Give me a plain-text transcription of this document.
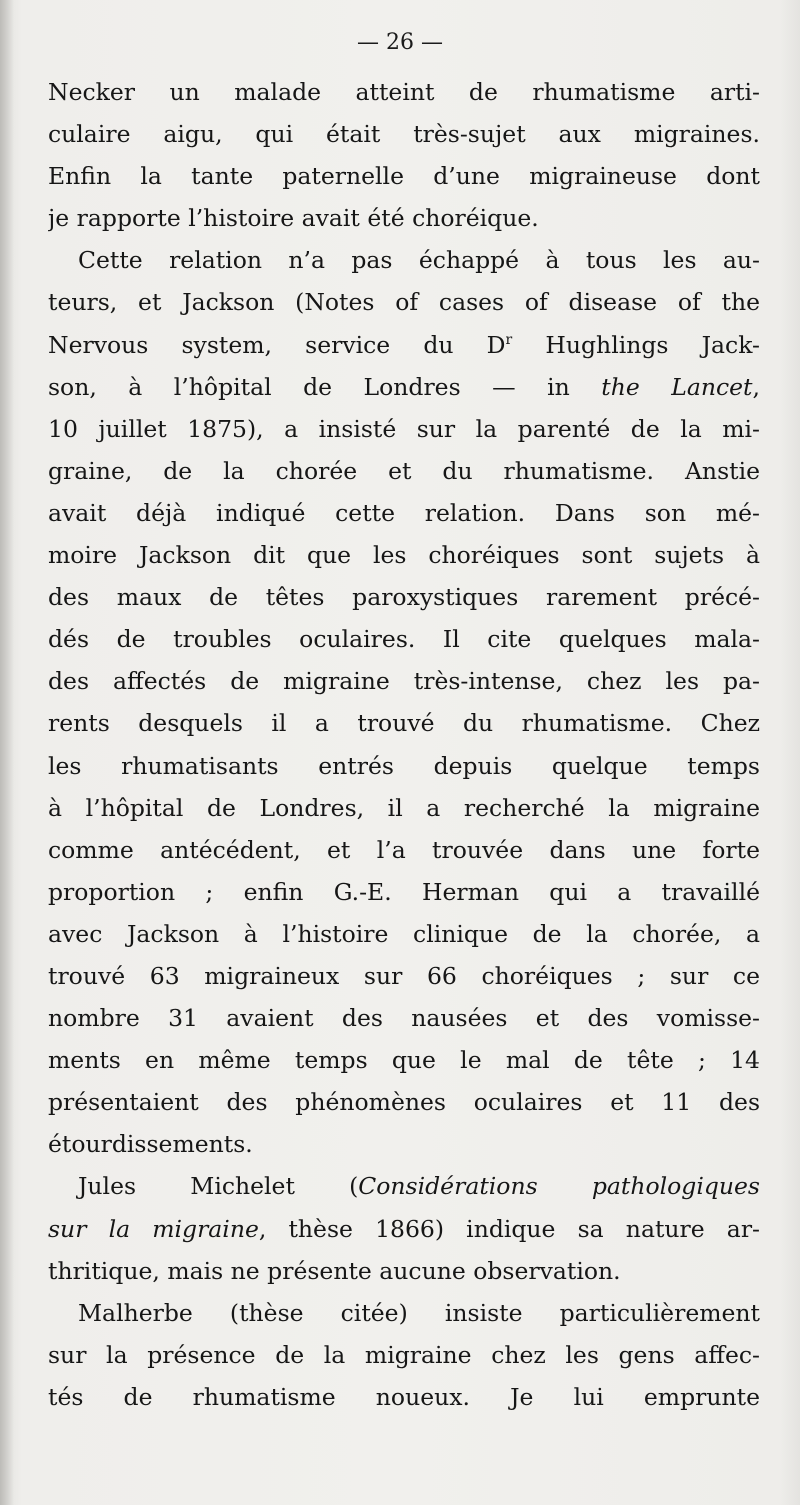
— 26 —
Necker un malade atteint de rhumatisme arti-
culaire aigu, qui était très-sujet aux migraines.
Enfin la tante paternelle d’une migraineuse dont
je rapporte l’histoire avait été choréique.
Cette relation n’a pas échappé à tous les au-
teurs, et Jackson (Notes of cases of disease of the
Nervous system, service du $D^r$ Hughlings Jack-
son, à l’hôpital de Londres — in the Lancet,
10 juillet 1875), a insisté sur la parenté de la mi-
graine, de la chorée et du rhumatisme. Anstie
avait déjà indiqué cette relation. Dans son mé-
moire Jackson dit que les choréiques sont sujets à
des maux de têtes paroxystiques rarement précé-
dés de troubles oculaires. Il cite quelques mala-
des affectés de migraine très-intense, chez les pa-
rents desquels il a trouvé du rhumatisme. Chez
les rhumatisants entrés depuis quelque temps
à l’hôpital de Londres, il a recherché la migraine
comme antécédent, et l’a trouvée dans une forte
proportion ; enfin G.-E. Herman qui a travaillé
avec Jackson à l’histoire clinique de la chorée, a
trouvé 63 migraineux sur 66 choréiques ; sur ce
nombre 31 avaient des nausées et des vomisse-
ments en même temps que le mal de tête ; 14
présentaient des phénomènes oculaires et 11 des
étourdissements.
Jules Michelet (Considérations pathologiques
sur la migraine, thèse 1866) indique sa nature ar-
thritique, mais ne présente aucune observation.
Malherbe (thèse citée) insiste particulièrement
sur la présence de la migraine chez les gens affec-
tés de rhumatisme noueux. Je lui emprunte
